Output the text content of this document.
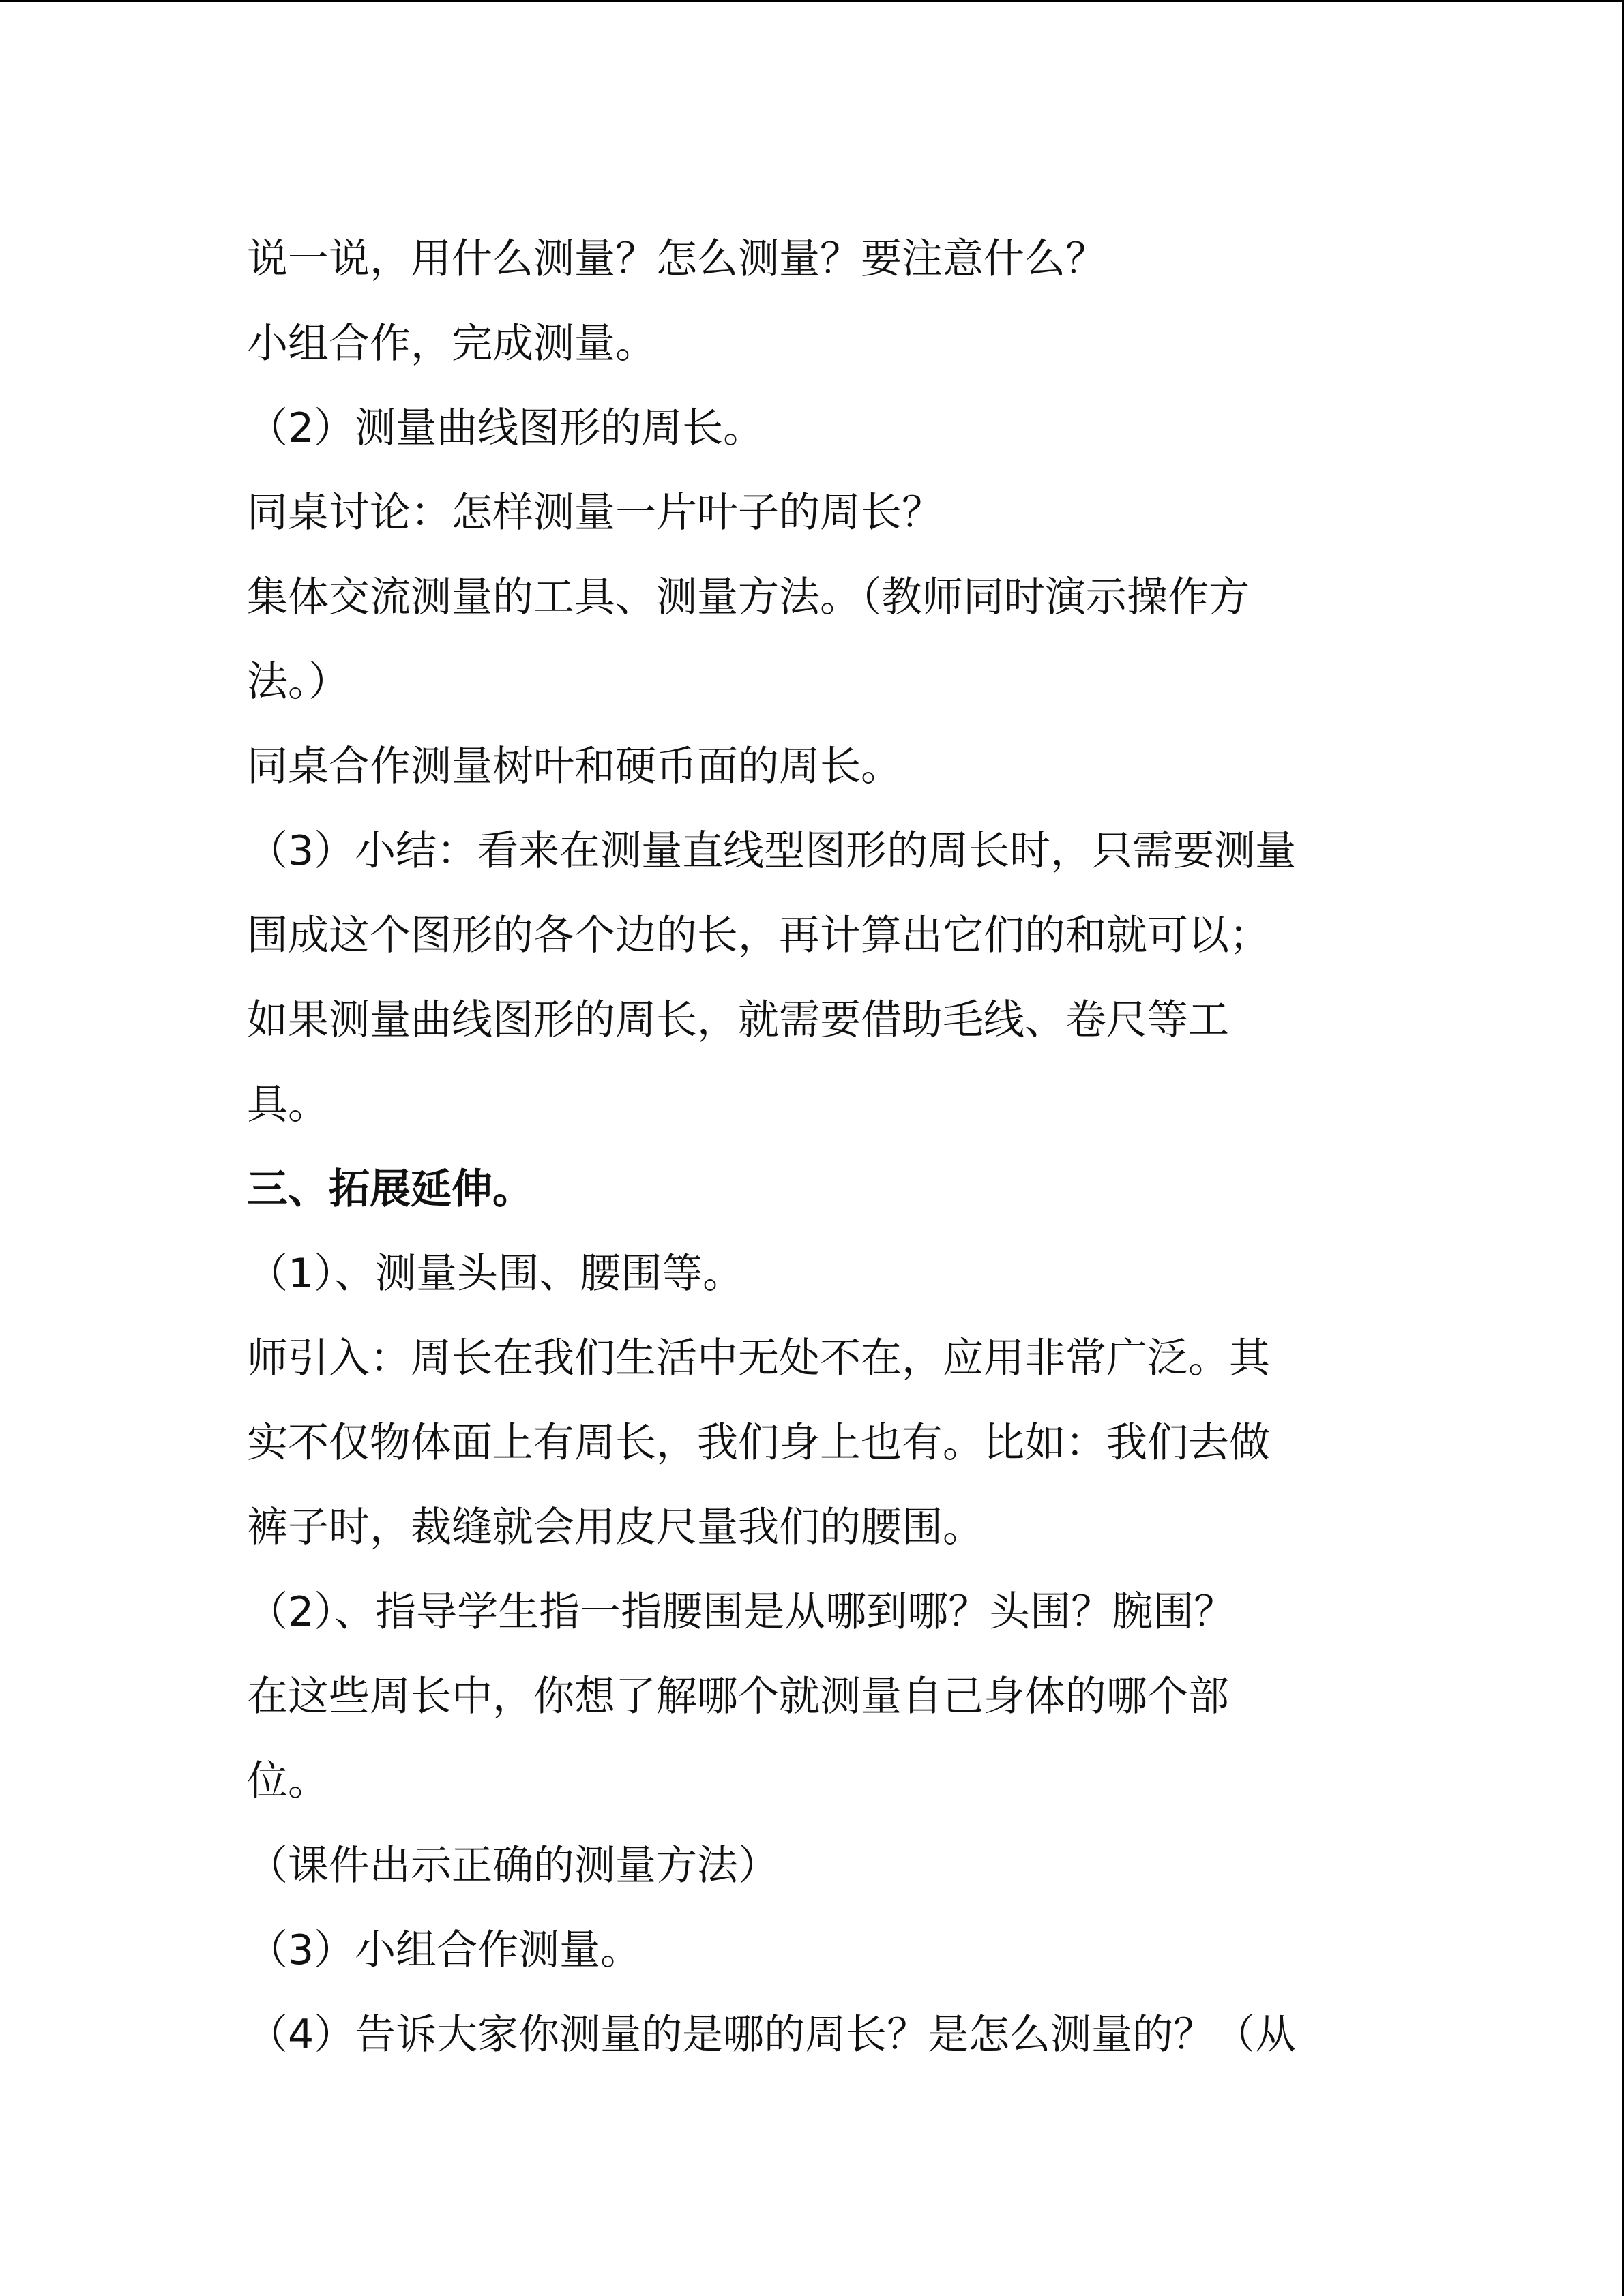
说一说，用什么测量？怎么测量？要注意什么？
小组合作，完成测量。
（2）测量曲线图形的周长。
同桌讨论：怎样测量一片叶子的周长？
集体交流测量的工具、测量方法。（教师同时演示操作方
法。）
同桌合作测量树叶和硬币面的周长。
（3）小结：看来在测量直线型图形的周长时，只需要测量
围成这个图形的各个边的长，再计算出它们的和就可以；
如果测量曲线图形的周长，就需要借助毛线、卷尺等工
具。
三、拓展延伸。
（1）、测量头围、腰围等。
师引入：周长在我们生活中无处不在，应用非常广泛。其
实不仅物体面上有周长，我们身上也有。比如：我们去做
裤子时，裁缝就会用皮尺量我们的腰围。
（2）、指导学生指一指腰围是从哪到哪？头围？腕围？
在这些周长中，你想了解哪个就测量自己身体的哪个部
位。
（课件出示正确的测量方法）
（3）小组合作测量。
（4）告诉大家你测量的是哪的周长？是怎么测量的？（从
